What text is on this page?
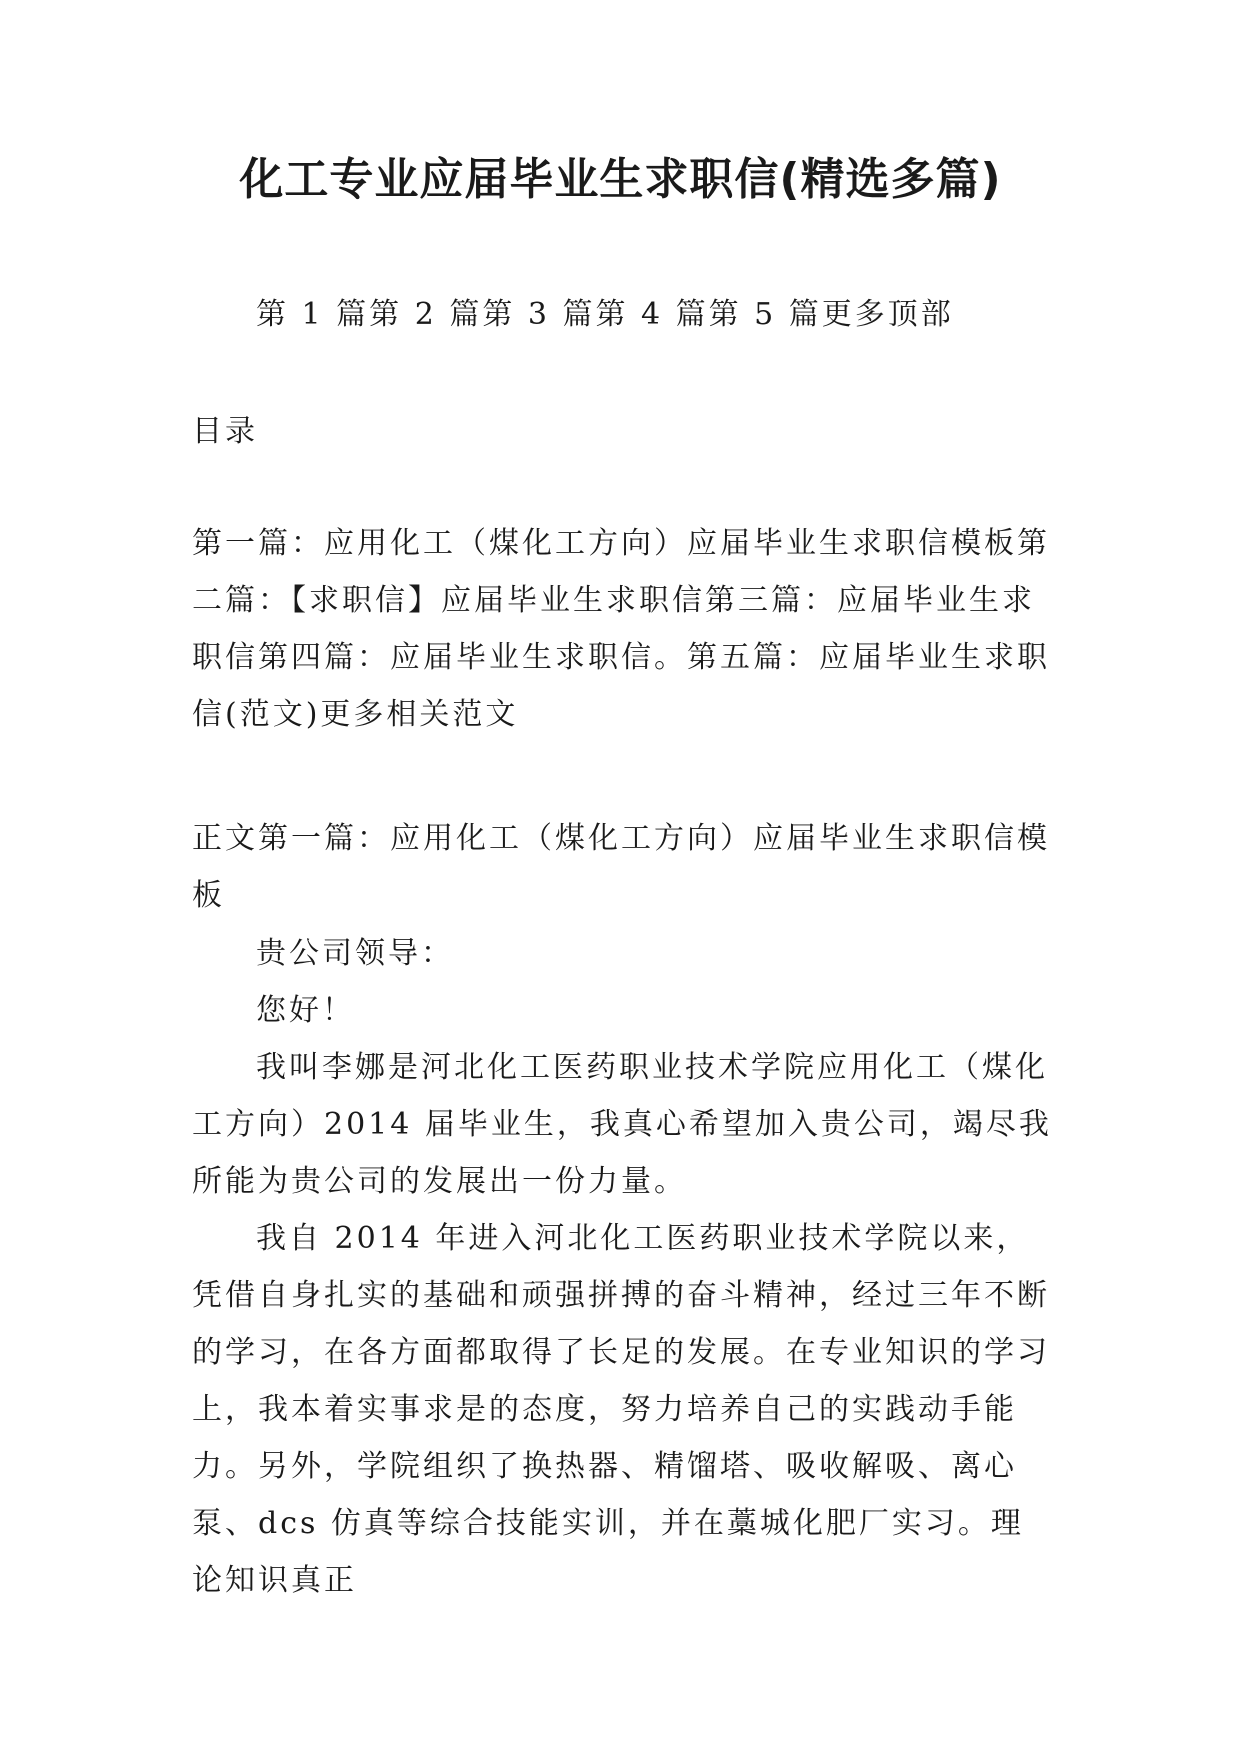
化工专业应届毕业生求职信(精选多篇)

第 1 篇第 2 篇第 3 篇第 4 篇第 5 篇更多顶部

目录

第一篇：应用化工（煤化工方向）应届毕业生求职信模板第二篇：【求职信】应届毕业生求职信第三篇：应届毕业生求职信第四篇：应届毕业生求职信。第五篇：应届毕业生求职信(范文)更多相关范文

正文第一篇：应用化工（煤化工方向）应届毕业生求职信模板

贵公司领导：

您好！

我叫李娜是河北化工医药职业技术学院应用化工（煤化工方向）2014 届毕业生，我真心希望加入贵公司，竭尽我所能为贵公司的发展出一份力量。

我自 2014 年进入河北化工医药职业技术学院以来，凭借自身扎实的基础和顽强拼搏的奋斗精神，经过三年不断的学习，在各方面都取得了长足的发展。在专业知识的学习上，我本着实事求是的态度，努力培养自己的实践动手能力。另外，学院组织了换热器、精馏塔、吸收解吸、离心泵、dcs 仿真等综合技能实训，并在藁城化肥厂实习。理论知识真正
